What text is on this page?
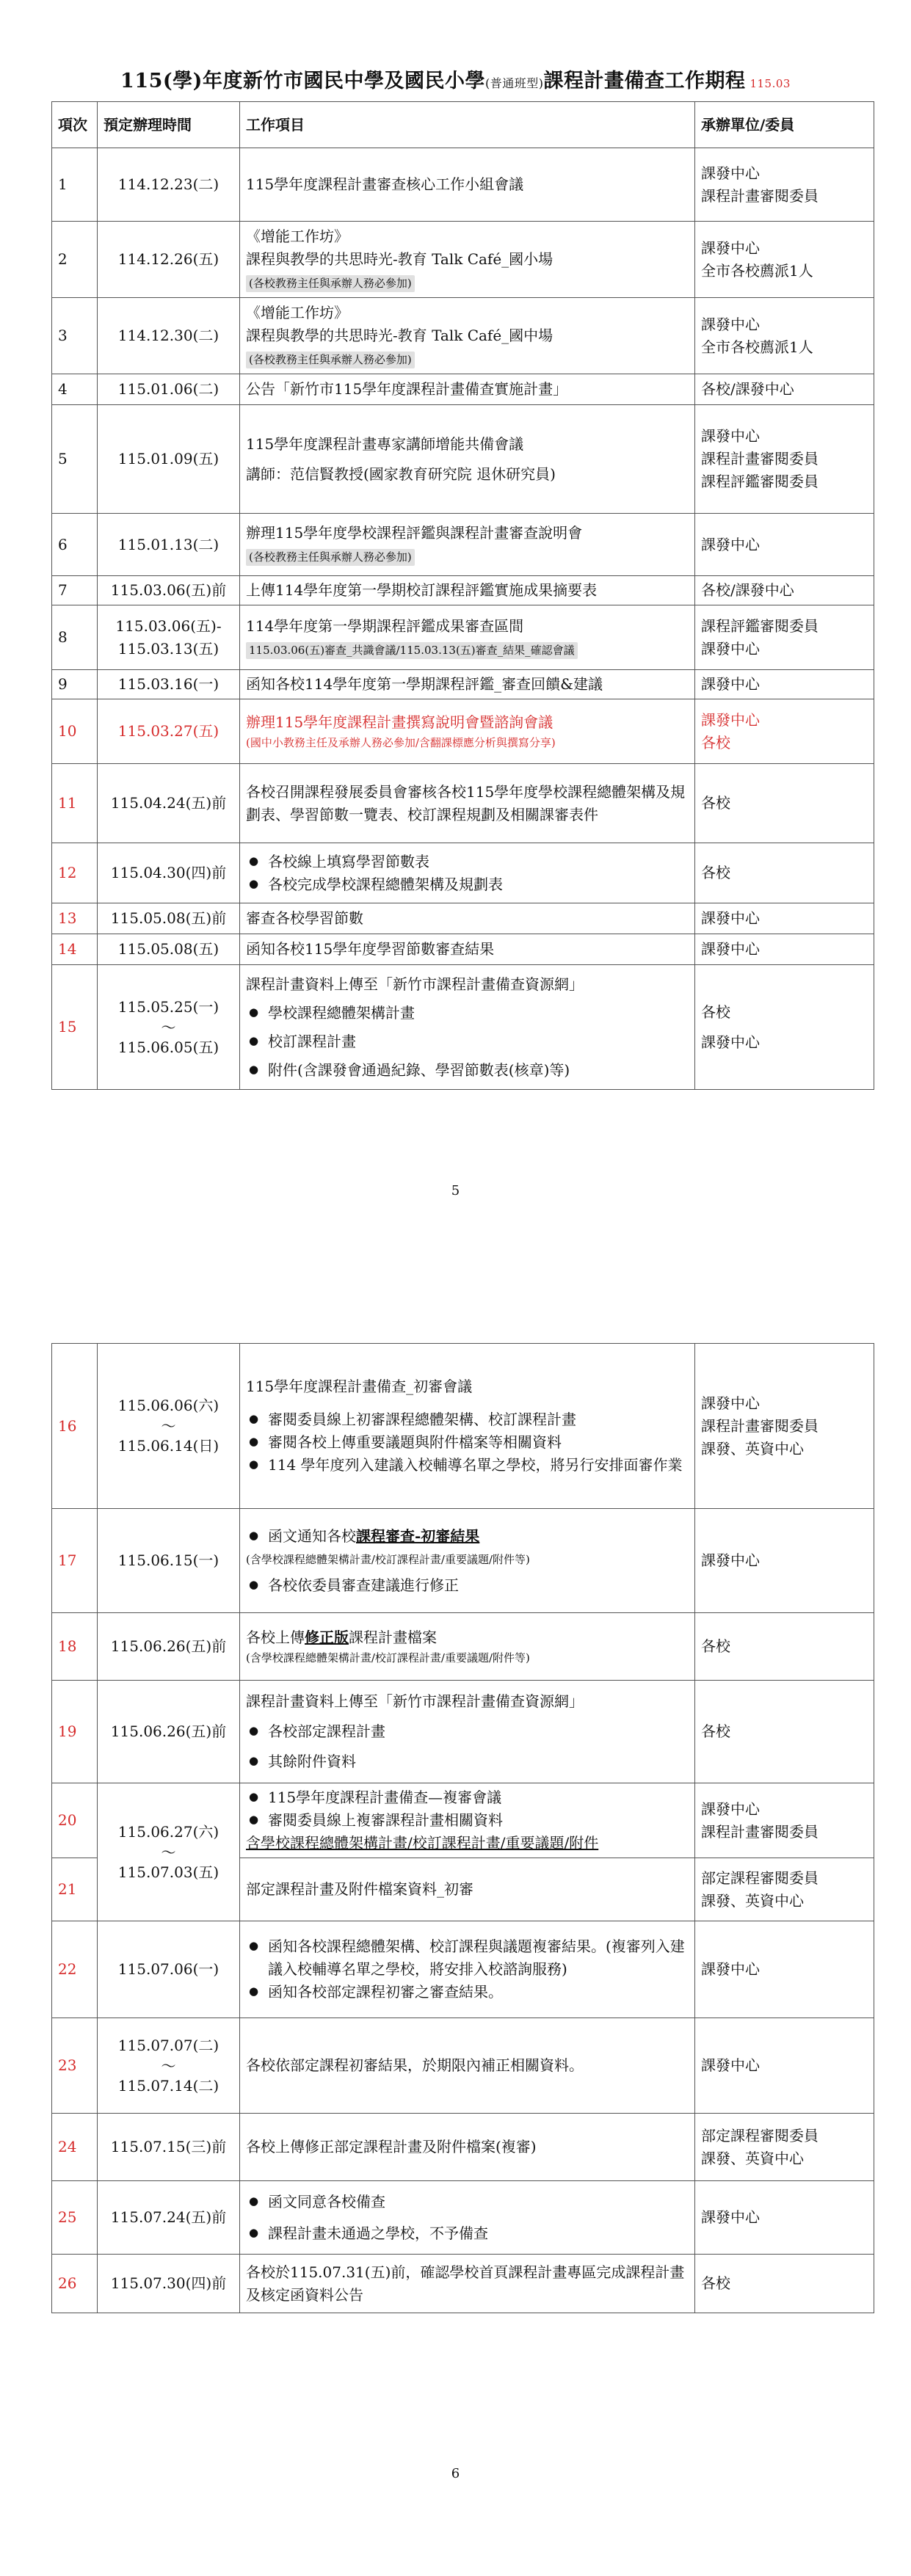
115(學)年度新竹市國民中學及國民小學(普通班型)課程計畫備查工作期程 115.03
項次	預定辦理時間	工作項目	承辦單位/委員
1	114.12.23(二)	115學年度課程計畫審查核心工作小組會議	課發中心
課程計畫審閱委員

2	114.12.26(五)	《增能工作坊》
課程與教學的共思時光-教育 Talk Café_國小場
(各校教務主任與承辦人務必參加)	課發中心
全市各校薦派1人

3	114.12.30(二)	《增能工作坊》
課程與教學的共思時光-教育 Talk Café_國中場
(各校教務主任與承辦人務必參加)	課發中心
全市各校薦派1人

4	115.01.06(二)	公告「新竹市115學年度課程計畫備查實施計畫」	各校/課發中心
5	115.01.09(五)	115學年度課程計畫專家講師增能共備會議
講師：范信賢教授(國家教育研究院 退休研究員)	課發中心
課程計畫審閱委員
課程評鑑審閱委員

6	115.01.13(二)	辦理115學年度學校課程評鑑與課程計畫審查說明會
(各校教務主任與承辦人務必參加)	課發中心
7	115.03.06(五)前	上傳114學年度第一學期校訂課程評鑑實施成果摘要表	各校/課發中心
8	115.03.06(五)-
115.03.13(五)	114學年度第一學期課程評鑑成果審查區間
115.03.06(五)審查_共識會議/115.03.13(五)審查_結果_確認會議	課程評鑑審閱委員
課發中心

9	115.03.16(一)	函知各校114學年度第一學期課程評鑑_審查回饋&建議	課發中心
10	115.03.27(五)	辦理115學年度課程計畫撰寫說明會暨諮詢會議
(國中小教務主任及承辦人務必參加/含翻課標應分析與撰寫分享)	課發中心
各校

11	115.04.24(五)前	各校召開課程發展委員會審核各校115學年度學校課程總體架構及規劃表、學習節數一覽表、校訂課程規劃及相關課審表件	各校
12	115.04.30(四)前	● 各校線上填寫學習節數表
● 各校完成學校課程總體架構及規劃表	各校
13	115.05.08(五)前	審查各校學習節數	課發中心
14	115.05.08(五)	函知各校115學年度學習節數審查結果	課發中心
15	115.05.25(一)
～
115.06.05(五)	課程計畫資料上傳至「新竹市課程計畫備查資源網」
● 學校課程總體架構計畫
● 校訂課程計畫
● 附件(含課發會通過紀錄、學習節數表(核章)等)	各校
課發中心
5
16	115.06.06(六)
～
115.06.14(日)	115學年度課程計畫備查_初審會議
● 審閱委員線上初審課程總體架構、校訂課程計畫
● 審閱各校上傳重要議題與附件檔案等相關資料
● 114 學年度列入建議入校輔導名單之學校，將另行安排面審作業	課發中心
課程計畫審閱委員
課發、英資中心

17	115.06.15(一)	● 函文通知各校課程審查-初審結果
(含學校課程總體架構計畫/校訂課程計畫/重要議題/附件等)
● 各校依委員審查建議進行修正	課發中心
18	115.06.26(五)前	各校上傳修正版課程計畫檔案
(含學校課程總體架構計畫/校訂課程計畫/重要議題/附件等)	各校
19	115.06.26(五)前	課程計畫資料上傳至「新竹市課程計畫備查資源網」
● 各校部定課程計畫
● 其餘附件資料	各校
20	115.06.27(六)
～
115.07.03(五)	● 115學年度課程計畫備查—複審會議
● 審閱委員線上複審課程計畫相關資料
含學校課程總體架構計畫/校訂課程計畫/重要議題/附件	課發中心
課程計畫審閱委員

21		部定課程計畫及附件檔案資料_初審	部定課程審閱委員
課發、英資中心

22	115.07.06(一)	● 函知各校課程總體架構、校訂課程與議題複審結果。(複審列入建議入校輔導名單之學校，將安排入校諮詢服務)
● 函知各校部定課程初審之審查結果。	課發中心
23	115.07.07(二)
～
115.07.14(二)	各校依部定課程初審結果，於期限內補正相關資料。	課發中心
24	115.07.15(三)前	各校上傳修正部定課程計畫及附件檔案(複審)	部定課程審閱委員
課發、英資中心

25	115.07.24(五)前	● 函文同意各校備查
● 課程計畫未通過之學校，不予備查	課發中心
26	115.07.30(四)前	各校於115.07.31(五)前，確認學校首頁課程計畫專區完成課程計畫及核定函資料公告	各校
6
